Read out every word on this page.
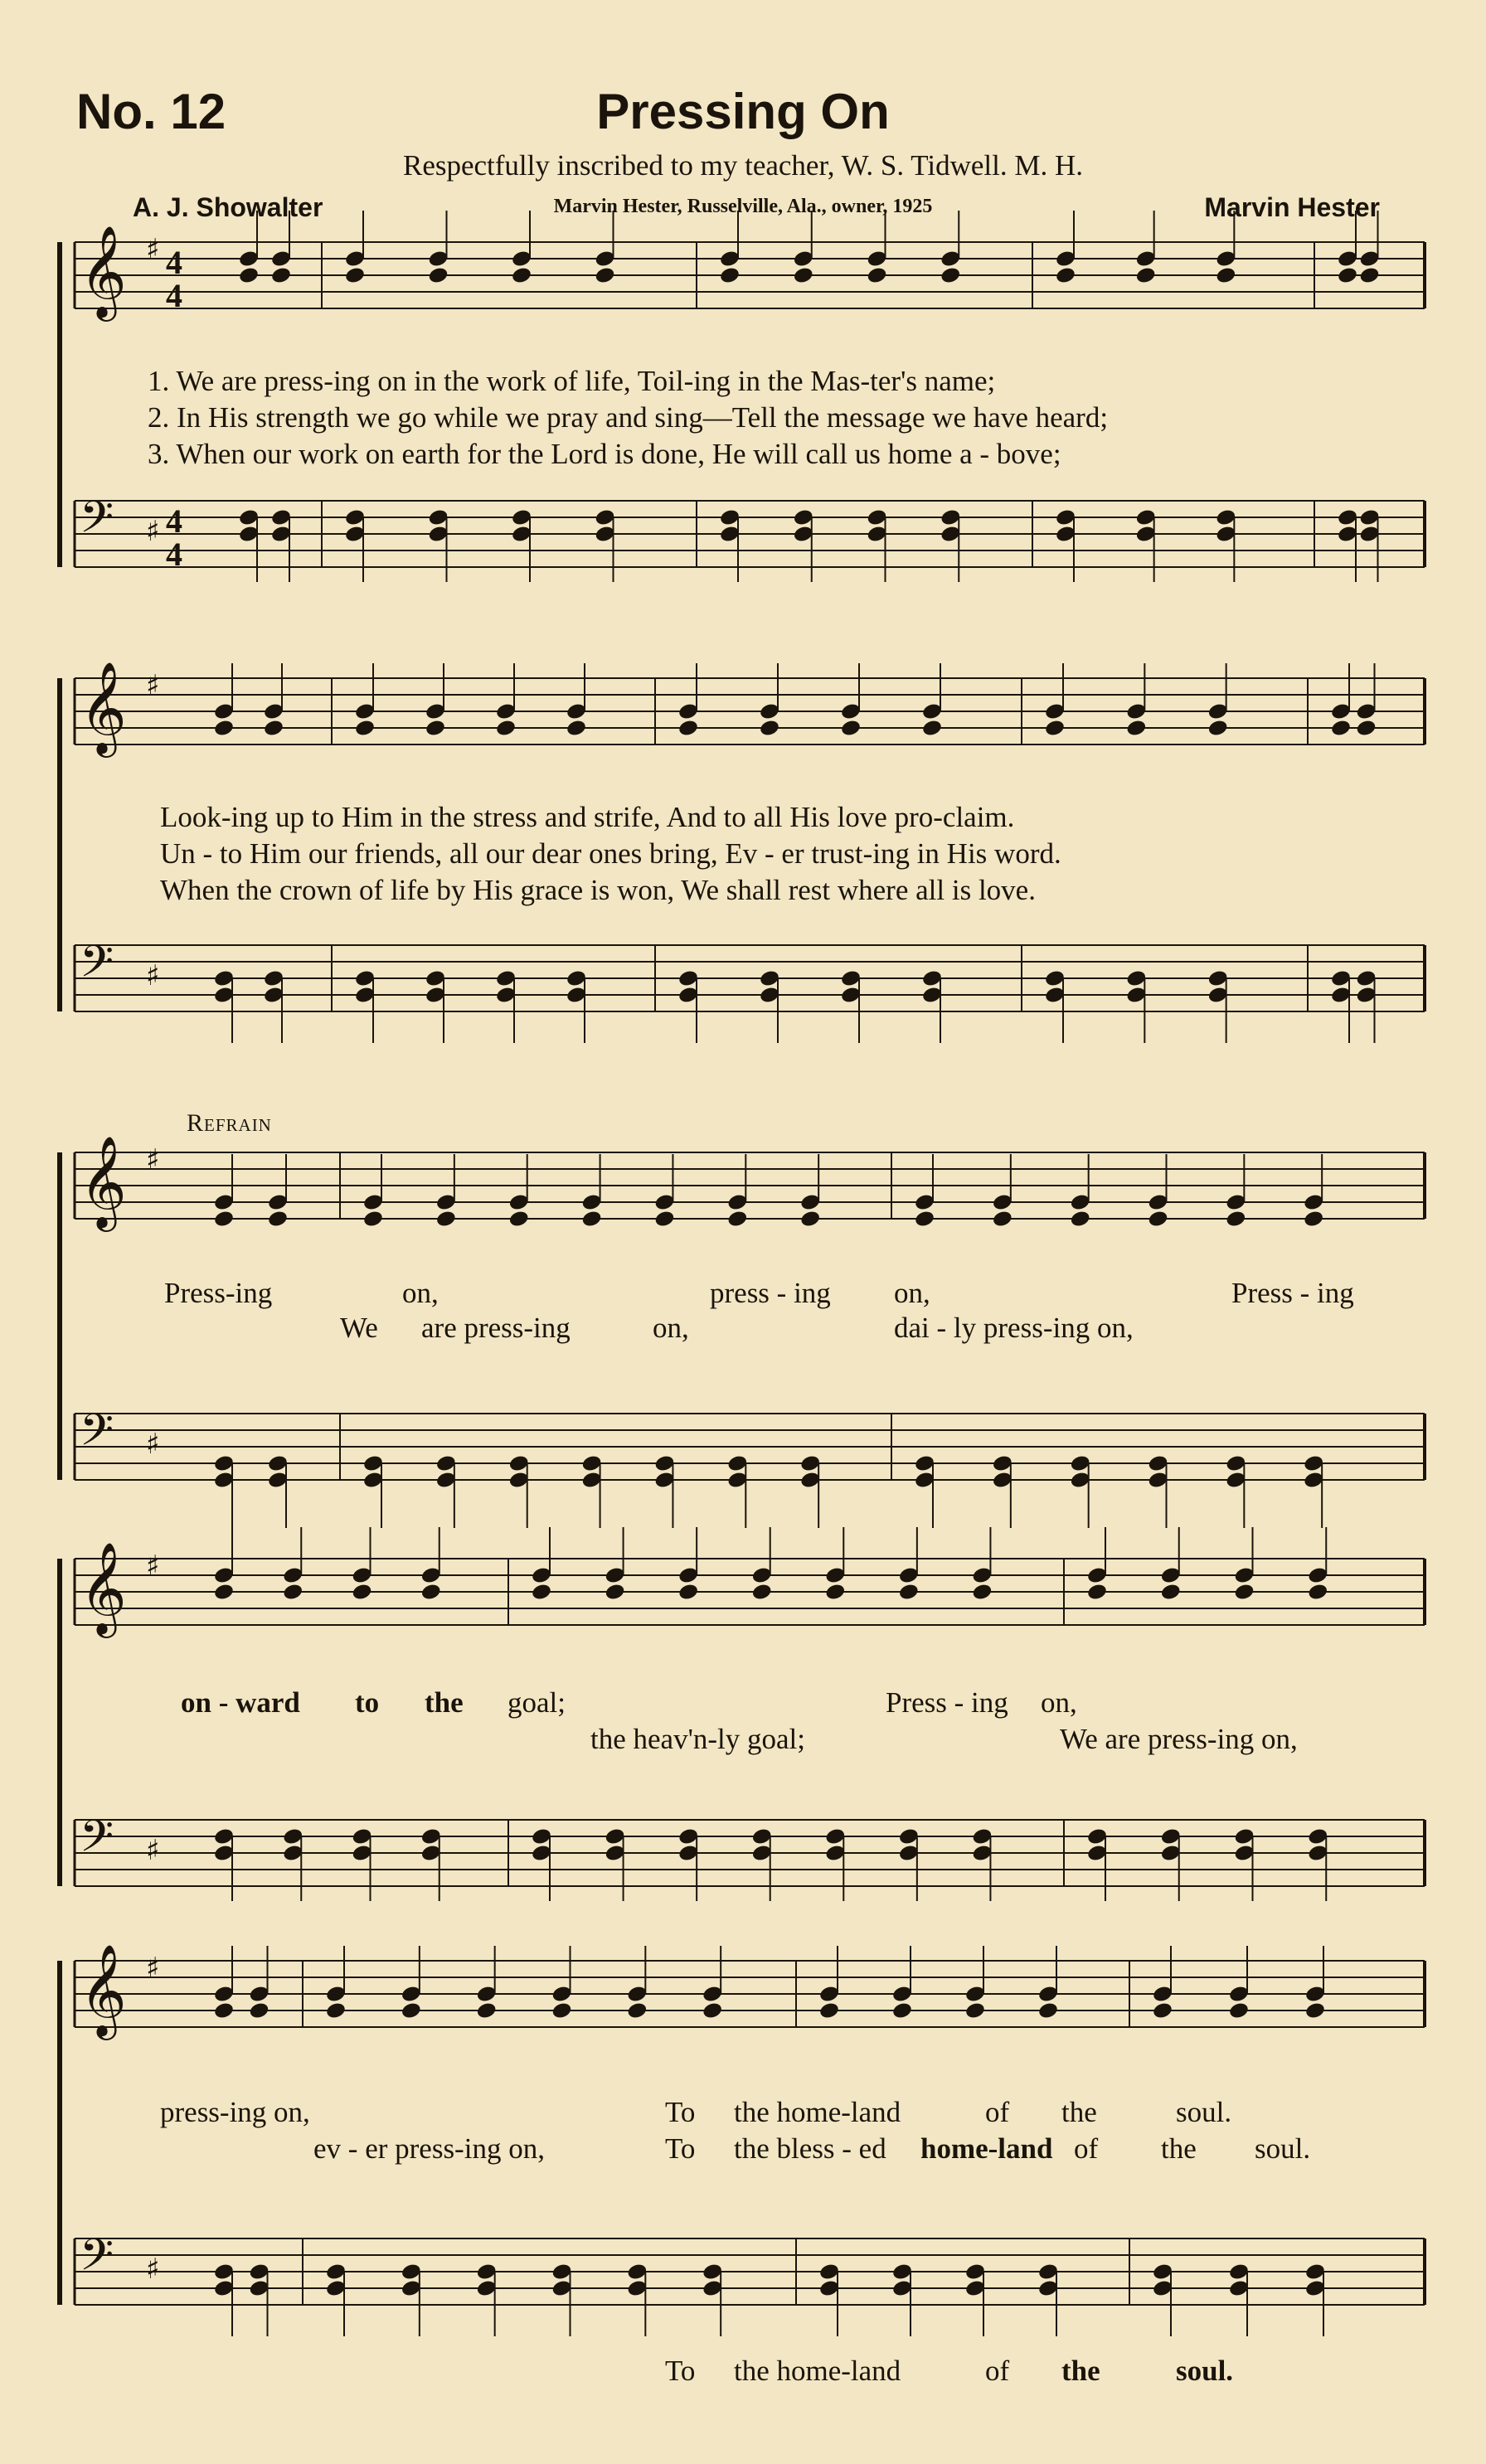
No. 12	Pressing On
Respectfully inscribed to my teacher, W. S. Tidwell. M. H.
A. J. Showalter	Marvin Hester, Russelville, Ala., owner, 1925	Marvin Hester
𝄞 ♯ 4
4
𝄢 ♯ 4
4
𝄞 ♯
𝄢 ♯
𝄞 ♯
𝄢 ♯
𝄞 ♯
𝄢 ♯
𝄞 ♯
𝄢 ♯
1. We are press-ing on in the work of life, Toil-ing in the Mas-ter's name;
2. In His strength we go while we pray and sing—Tell the message we have heard;
3. When our work on earth for the Lord is done, He will call us home a - bove;
Look-ing up to Him in the stress and strife, And to all His love pro-claim.
Un - to Him our friends, all our dear ones bring, Ev - er trust-ing in His word.
When the crown of life by His grace is won, We shall rest where all is love.
Refrain
Press-ing	on,	press - ing on,	Press - ing
We are press-ing	on,	dai - ly press-ing on,
on - ward to the goal;	Press - ing on,
the heav'n-ly goal;	We are press-ing on,
press-ing on,	To the home-land	of the	soul.
ev - er press-ing on,	To the bless - ed home-land of the soul.
To the home-land	of the	soul.
